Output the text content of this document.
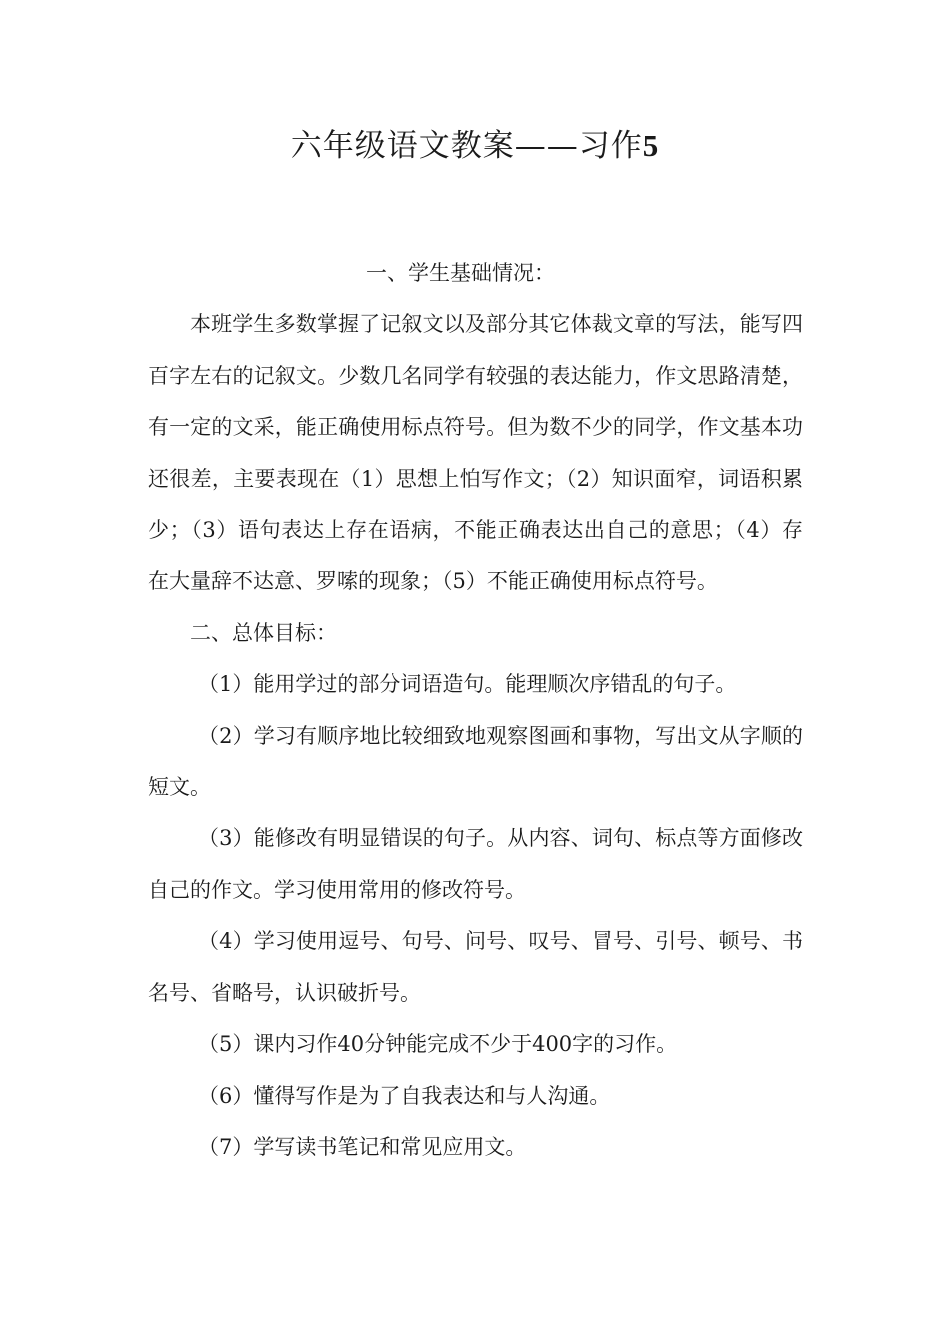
六年级语文教案——习作5

一、学生基础情况：

本班学生多数掌握了记叙文以及部分其它体裁文章的写法，能写四百字左右的记叙文。少数几名同学有较强的表达能力，作文思路清楚，有一定的文采，能正确使用标点符号。但为数不少的同学，作文基本功还很差，主要表现在（1）思想上怕写作文；（2）知识面窄，词语积累少；（3）语句表达上存在语病，不能正确表达出自己的意思；（4）存在大量辞不达意、罗嗦的现象；（5）不能正确使用标点符号。

二、总体目标：

（1）能用学过的部分词语造句。能理顺次序错乱的句子。

（2）学习有顺序地比较细致地观察图画和事物，写出文从字顺的短文。

（3）能修改有明显错误的句子。从内容、词句、标点等方面修改自己的作文。学习使用常用的修改符号。

（4）学习使用逗号、句号、问号、叹号、冒号、引号、顿号、书名号、省略号，认识破折号。

（5）课内习作40分钟能完成不少于400字的习作。

（6）懂得写作是为了自我表达和与人沟通。

（7）学写读书笔记和常见应用文。
